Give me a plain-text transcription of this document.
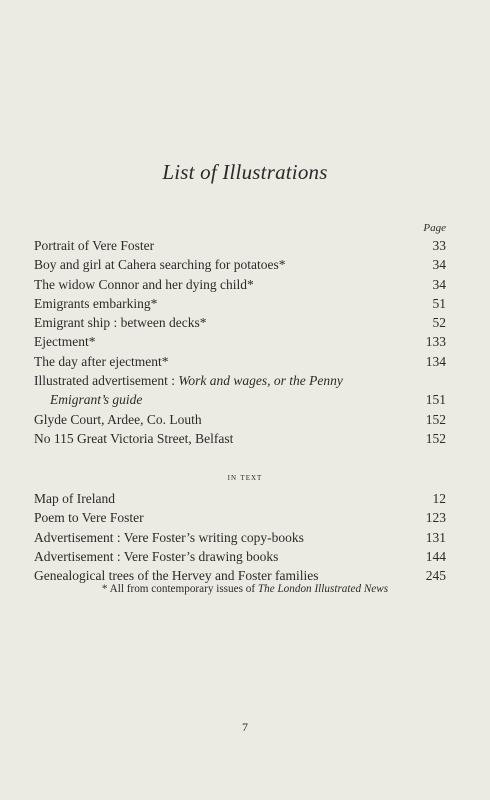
List of Illustrations
Page
Portrait of Vere Foster	33
Boy and girl at Cahera searching for potatoes*	34
The widow Connor and her dying child*	34
Emigrants embarking*	51
Emigrant ship : between decks*	52
Ejectment*	133
The day after ejectment*	134
Illustrated advertisement : Work and wages, or the Penny
Emigrant’s guide	151
Glyde Court, Ardee, Co. Louth	152
No 115 Great Victoria Street, Belfast	152
in text
Map of Ireland	12
Poem to Vere Foster	123
Advertisement : Vere Foster’s writing copy-books	131
Advertisement : Vere Foster’s drawing books	144
Genealogical trees of the Hervey and Foster families	245
* All from contemporary issues of The London Illustrated News
7
